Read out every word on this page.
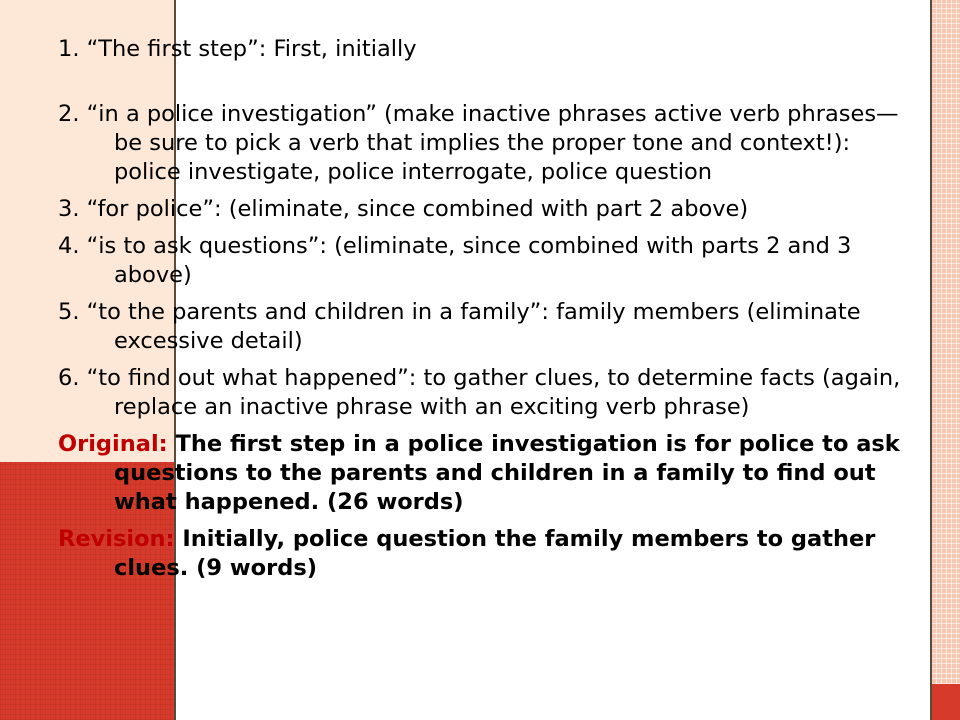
1. “The first step”: First, initially

2. “in a police investigation” (make inactive phrases active verb phrases—be sure to pick a verb that implies the proper tone and context!): police investigate, police interrogate, police question

3. “for police”: (eliminate, since combined with part 2 above)

4. “is to ask questions”: (eliminate, since combined with parts 2 and 3 above)

5. “to the parents and children in a family”: family members (eliminate excessive detail)

6. “to find out what happened”: to gather clues, to determine facts (again, replace an inactive phrase with an exciting verb phrase)

Original: The first step in a police investigation is for police to ask questions to the parents and children in a family to find out what happened. (26 words)

Revision: Initially, police question the family members to gather clues. (9 words)
